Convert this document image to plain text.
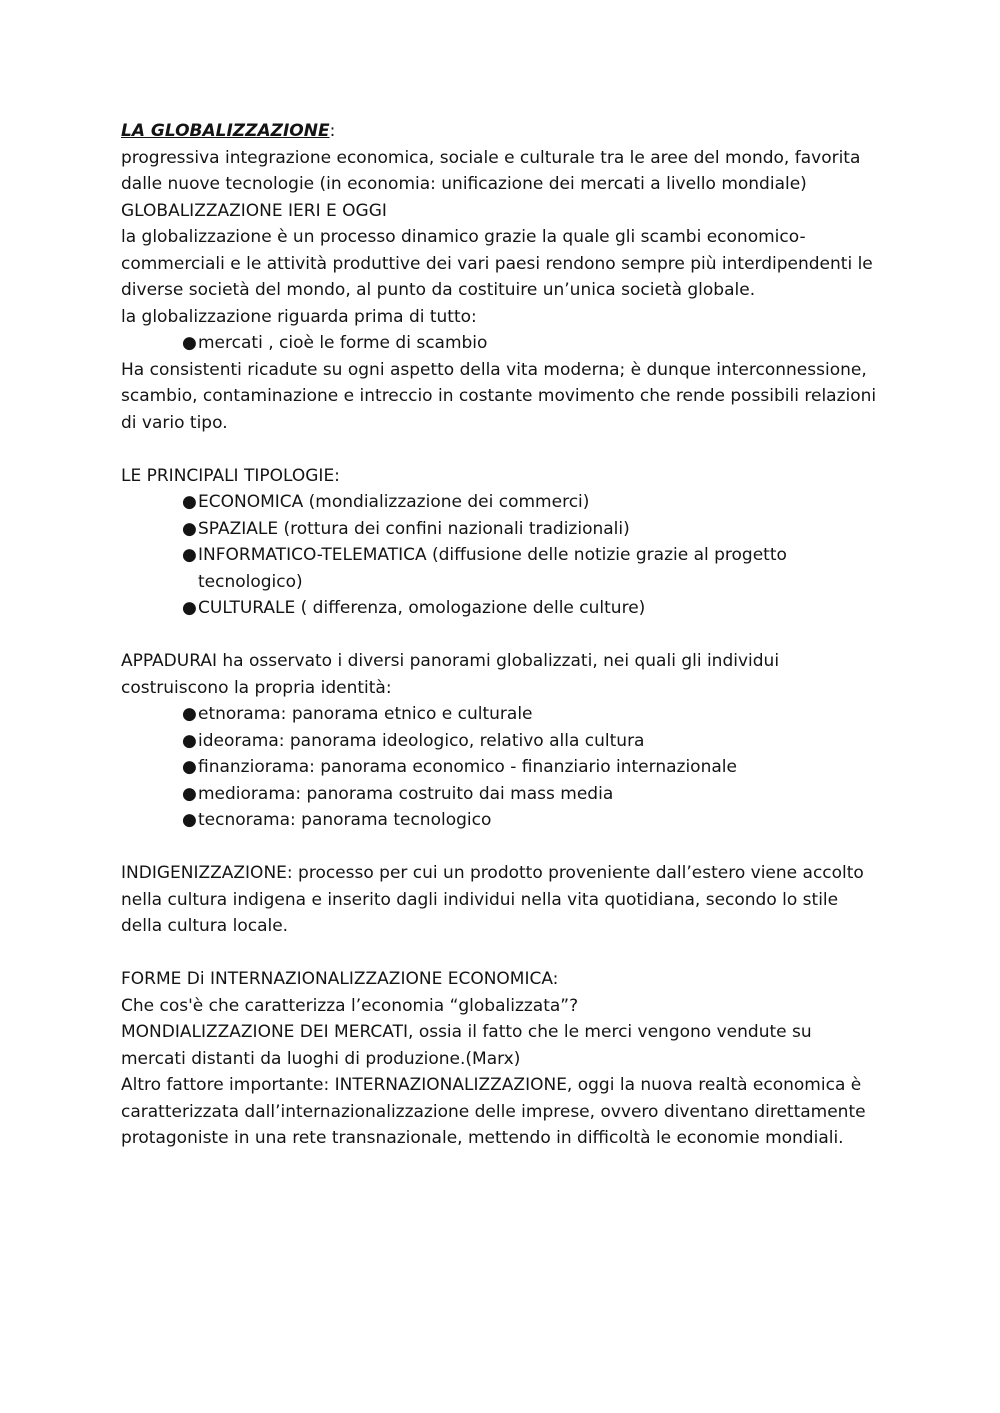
LA GLOBALIZZAZIONE:

progressiva integrazione economica, sociale e culturale tra le aree del mondo, favorita dalle nuove tecnologie (in economia: unificazione dei mercati a livello mondiale)

GLOBALIZZAZIONE IERI E OGGI

la globalizzazione è un processo dinamico grazie la quale gli scambi economico-commerciali e le attività produttive dei vari paesi rendono sempre più interdipendenti le diverse società del mondo, al punto da costituire un’unica società globale.

la globalizzazione riguarda prima di tutto:

● mercati , cioè le forme di scambio

Ha consistenti ricadute su ogni aspetto della vita moderna; è dunque interconnessione, scambio, contaminazione e intreccio in costante movimento che rende possibili relazioni di vario tipo.

LE PRINCIPALI TIPOLOGIE:

● ECONOMICA (mondializzazione dei commerci)
● SPAZIALE (rottura dei confini nazionali tradizionali)
● INFORMATICO-TELEMATICA (diffusione delle notizie grazie al progetto tecnologico)
● CULTURALE ( differenza, omologazione delle culture)

APPADURAI ha osservato i diversi panorami globalizzati, nei quali gli individui costruiscono la propria identità:

● etnorama: panorama etnico e culturale
● ideorama: panorama ideologico, relativo alla cultura
● finanziorama: panorama economico - finanziario internazionale
● mediorama: panorama costruito dai mass media
● tecnorama: panorama tecnologico

INDIGENIZZAZIONE: processo per cui un prodotto proveniente dall’estero viene accolto nella cultura indigena e inserito dagli individui nella vita quotidiana, secondo lo stile della cultura locale.

FORME Di INTERNAZIONALIZZAZIONE ECONOMICA:

Che cos'è che caratterizza l’economia “globalizzata”?

MONDIALIZZAZIONE DEI MERCATI, ossia il fatto che le merci vengono vendute su mercati distanti da luoghi di produzione.(Marx)

Altro fattore importante: INTERNAZIONALIZZAZIONE, oggi la nuova realtà economica è caratterizzata dall’internazionalizzazione delle imprese, ovvero diventano direttamente protagoniste in una rete transnazionale, mettendo in difficoltà le economie mondiali.
